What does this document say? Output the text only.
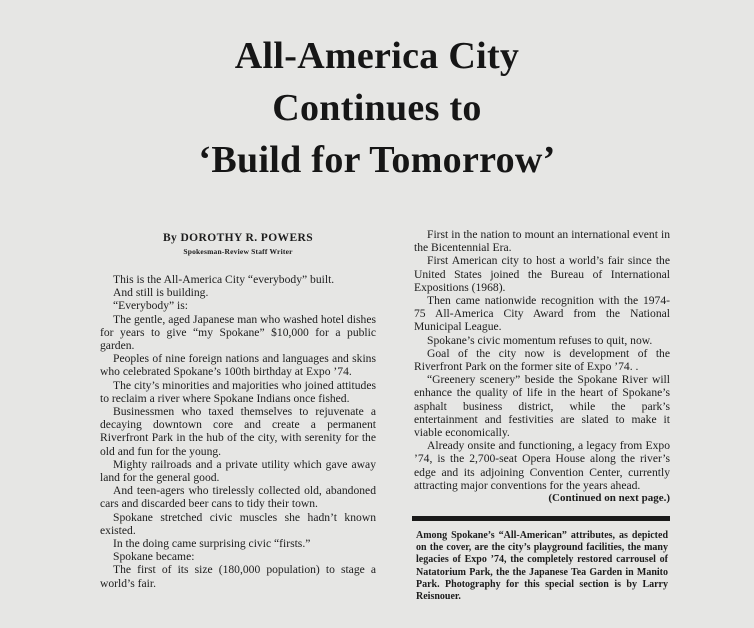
All-America City
Continues to
‘Build for Tomorrow’
By DOROTHY R. POWERS
Spokesman-Review Staff Writer

This is the All-America City “everybody” built.

And still is building.

“Everybody” is:

The gentle, aged Japanese man who washed hotel dishes for years to give “my Spokane” $10,000 for a public garden.

Peoples of nine foreign nations and languages and skins who celebrated Spokane’s 100th birthday at Expo ’74.

The city’s minorities and majorities who joined attitudes to reclaim a river where Spokane Indians once fished.

Businessmen who taxed themselves to rejuvenate a decaying downtown core and create a permanent Riverfront Park in the hub of the city, with serenity for the old and fun for the young.

Mighty railroads and a private utility which gave away land for the general good.

And teen-agers who tirelessly collected old, abandoned cars and discarded beer cans to tidy their town.

Spokane stretched civic muscles she hadn’t known existed.

In the doing came surprising civic “firsts.”

Spokane became:

The first of its size (180,000 population) to stage a world’s fair.

First in the nation to mount an international event in the Bicentennial Era.

First American city to host a world’s fair since the United States joined the Bureau of International Expositions (1968).

Then came nationwide recognition with the 1974-75 All-America City Award from the National Municipal League.

Spokane’s civic momentum refuses to quit, now.

Goal of the city now is development of the Riverfront Park on the former site of Expo ’74. .

“Greenery scenery” beside the Spokane River will enhance the quality of life in the heart of Spokane’s asphalt business district, while the park’s entertainment and festivities are slated to make it viable economically.

Already onsite and functioning, a legacy from Expo ’74, is the 2,700-seat Opera House along the river’s edge and its adjoining Convention Center, currently attracting major conventions for the years ahead.
(Continued on next page.)

Among Spokane’s “All-American” attributes, as depicted on the cover, are the city’s playground facilities, the many legacies of Expo ’74, the completely restored carrousel of Natatorium Park, the the Japanese Tea Garden in Manito Park. Photography for this special section is by Larry Reisnouer.
